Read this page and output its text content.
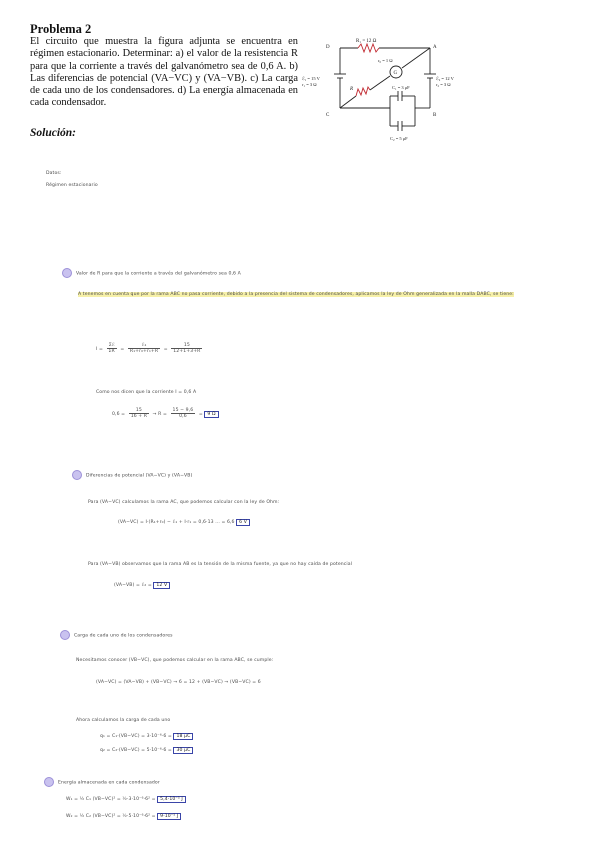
Problema 2
El circuito que muestra la figura adjunta se encuentra en régimen estacionario. Determinar: a) el valor de la resistencia R para que la corriente a través del galvanómetro sea de 0,6 A. b) Las diferencias de potencial (VA−VC) y (VA−VB). c) La carga de cada uno de los condensadores. d) La energía almacenada en cada condensador.
Solución:
D	A
C	B
R₁ = 12 Ω
r₀ = 1 Ω
G
ℰ₁ = 15 V
r₁ = 3 Ω
ℰ₂ = 12 V
r₂ = 3 Ω
R	C₁ = 3 μF
C₂ = 5 μF
Datos:
Régimen estacionario
Valor de R para que la corriente a través del galvanómetro sea 0,6 A
A tenemos en cuenta que por la rama ABC no pasa corriente, debido a la presencia del sistema de condensadores, aplicamos la ley de Ohm generalizada en la malla DABC, se tiene:
$I = \frac{\text{Σℰ}}{\Sigma R} = \frac{\text{ℰ₁}}{\text{R₁+r₀+r₁+R}} = \frac{15}{12+1+3+R}$
Como nos dicen que la corriente I = 0,6 A
$0,6 = \frac{15}{16 + R} \to R = \frac{15 - 9,6}{0,6} = 9$ Ω
Diferencias de potencial (VA−VC) y (VA−VB)
Para (VA−VC) calculamos la rama AC, que podemos calcular con la ley de Ohm:
(VA−VC) = I·(R₁+r₀) − ℰ₁ + I·r₁ = 0,6·13 ... = 6,6 6 V
Para (VA−VB) observamos que la rama AB es la tensión de la misma fuente, ya que no hay caída de potencial
(VA−VB) = ℰ₂ = 12 V
Carga de cada uno de los condensadores
Necesitamos conocer (VB−VC), que podemos calcular en la rama ABC, se cumple:
(VA−VC) = (VA−VB) + (VB−VC) → 6 = 12 + (VB−VC) → (VB−VC) = 6
Ahora calculamos la carga de cada uno
q₁ = C₁·(VB−VC) = 3·10⁻⁶·6 = 18 μC
q₂ = C₂·(VB−VC) = 5·10⁻⁶·6 = 30 μC
Energía almacenada en cada condensador
W₁ = ½ C₁ (VB−VC)² = ½·3·10⁻⁶·6² = 5,4·10⁻⁵ J
W₂ = ½ C₂ (VB−VC)² = ½·5·10⁻⁶·6² = 9·10⁻⁵ J
